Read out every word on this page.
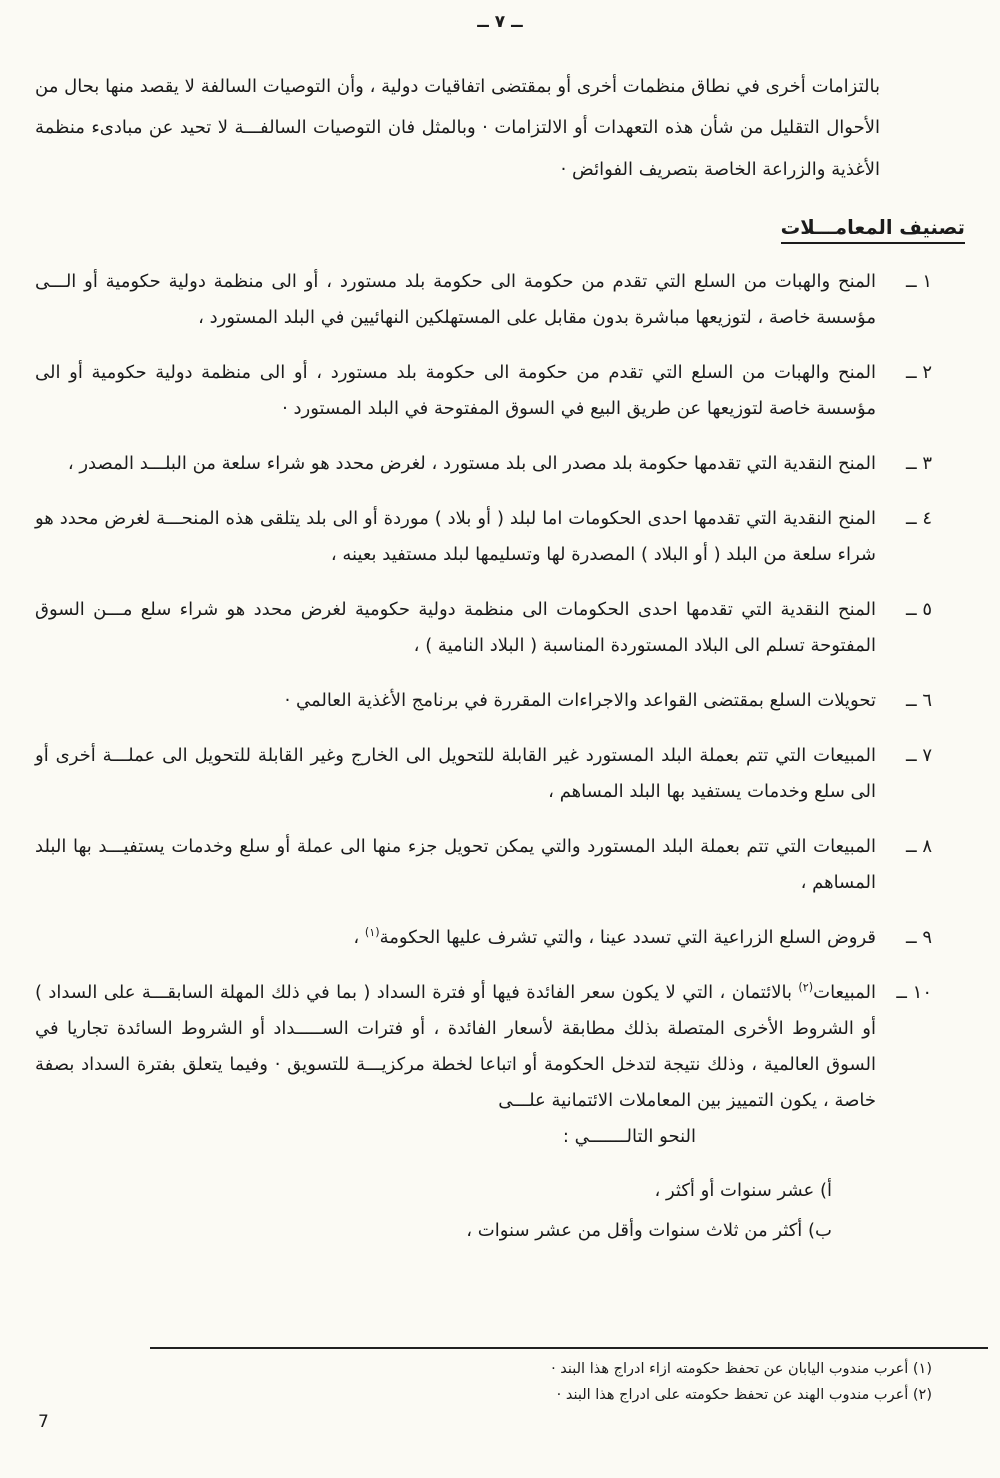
ــ ٧ ــ

بالتزامات أخرى في نطاق منظمات أخرى أو بمقتضى اتفاقيات دولية ، وأن التوصيات السالفة لا يقصد منها بحال من الأحوال التقليل من شأن هذه التعهدات أو الالتزامات · وبالمثل فان التوصيات السالفـــة لا تحيد عن مبادىء منظمة الأغذية والزراعة الخاصة بتصريف الفوائض ·

تصنيف المعامـــلات
١ ــ
المنح والهبات من السلع التي تقدم من حكومة الى حكومة بلد مستورد ، أو الى منظمة دولية حكومية أو الـــى مؤسسة خاصة ، لتوزيعها مباشرة بدون مقابل على المستهلكين النهائيين في البلد المستورد ،
٢ ــ
المنح والهبات من السلع التي تقدم من حكومة الى حكومة بلد مستورد ، أو الى منظمة دولية حكومية أو الى مؤسسة خاصة لتوزيعها عن طريق البيع في السوق المفتوحة في البلد المستورد ·
٣ ــ
المنح النقدية التي تقدمها حكومة بلد مصدر الى بلد مستورد ، لغرض محدد هو شراء سلعة من البلـــد المصدر ،
٤ ــ
المنح النقدية التي تقدمها احدى الحكومات اما لبلد ( أو بلاد ) موردة أو الى بلد يتلقى هذه المنحـــة لغرض محدد هو شراء سلعة من البلد ( أو البلاد ) المصدرة لها وتسليمها لبلد مستفيد بعينه ،
٥ ــ
المنح النقدية التي تقدمها احدى الحكومات الى منظمة دولية حكومية لغرض محدد هو شراء سلع مـــن السوق المفتوحة تسلم الى البلاد المستوردة المناسبة ( البلاد النامية ) ،
٦ ــ
تحويلات السلع بمقتضى القواعد والاجراءات المقررة في برنامج الأغذية العالمي ·
٧ ــ
المبيعات التي تتم بعملة البلد المستورد غير القابلة للتحويل الى الخارج وغير القابلة للتحويل الى عملـــة أخرى أو الى سلع وخدمات يستفيد بها البلد المساهم ،
٨ ــ
المبيعات التي تتم بعملة البلد المستورد والتي يمكن تحويل جزء منها الى عملة أو سلع وخدمات يستفيـــد بها البلد المساهم ،
٩ ــ
قروض السلع الزراعية التي تسدد عينا ، والتي تشرف عليها الحكومة$^{(١)}$ ،
١٠ ــ
المبيعات$^{(٢)}$ بالائتمان ، التي لا يكون سعر الفائدة فيها أو فترة السداد ( بما في ذلك المهلة السابقـــة على السداد ) أو الشروط الأخرى المتصلة بذلك مطابقة لأسعار الفائدة ، أو فترات الســـــداد أو الشروط السائدة تجاريا في السوق العالمية ، وذلك نتيجة لتدخل الحكومة أو اتباعا لخطة مركزيـــة للتسويق · وفيما يتعلق بفترة السداد بصفة خاصة ، يكون التمييز بين المعاملات الائتمانية علـــى
النحو التالـــــــي :
أ) عشر سنوات أو أكثر ،
ب) أكثر من ثلاث سنوات وأقل من عشر سنوات ،
(١) أعرب مندوب اليابان عن تحفظ حكومته ازاء ادراج هذا البند ·
(٢) أعرب مندوب الهند عن تحفظ حكومته على ادراج هذا البند ·
7
